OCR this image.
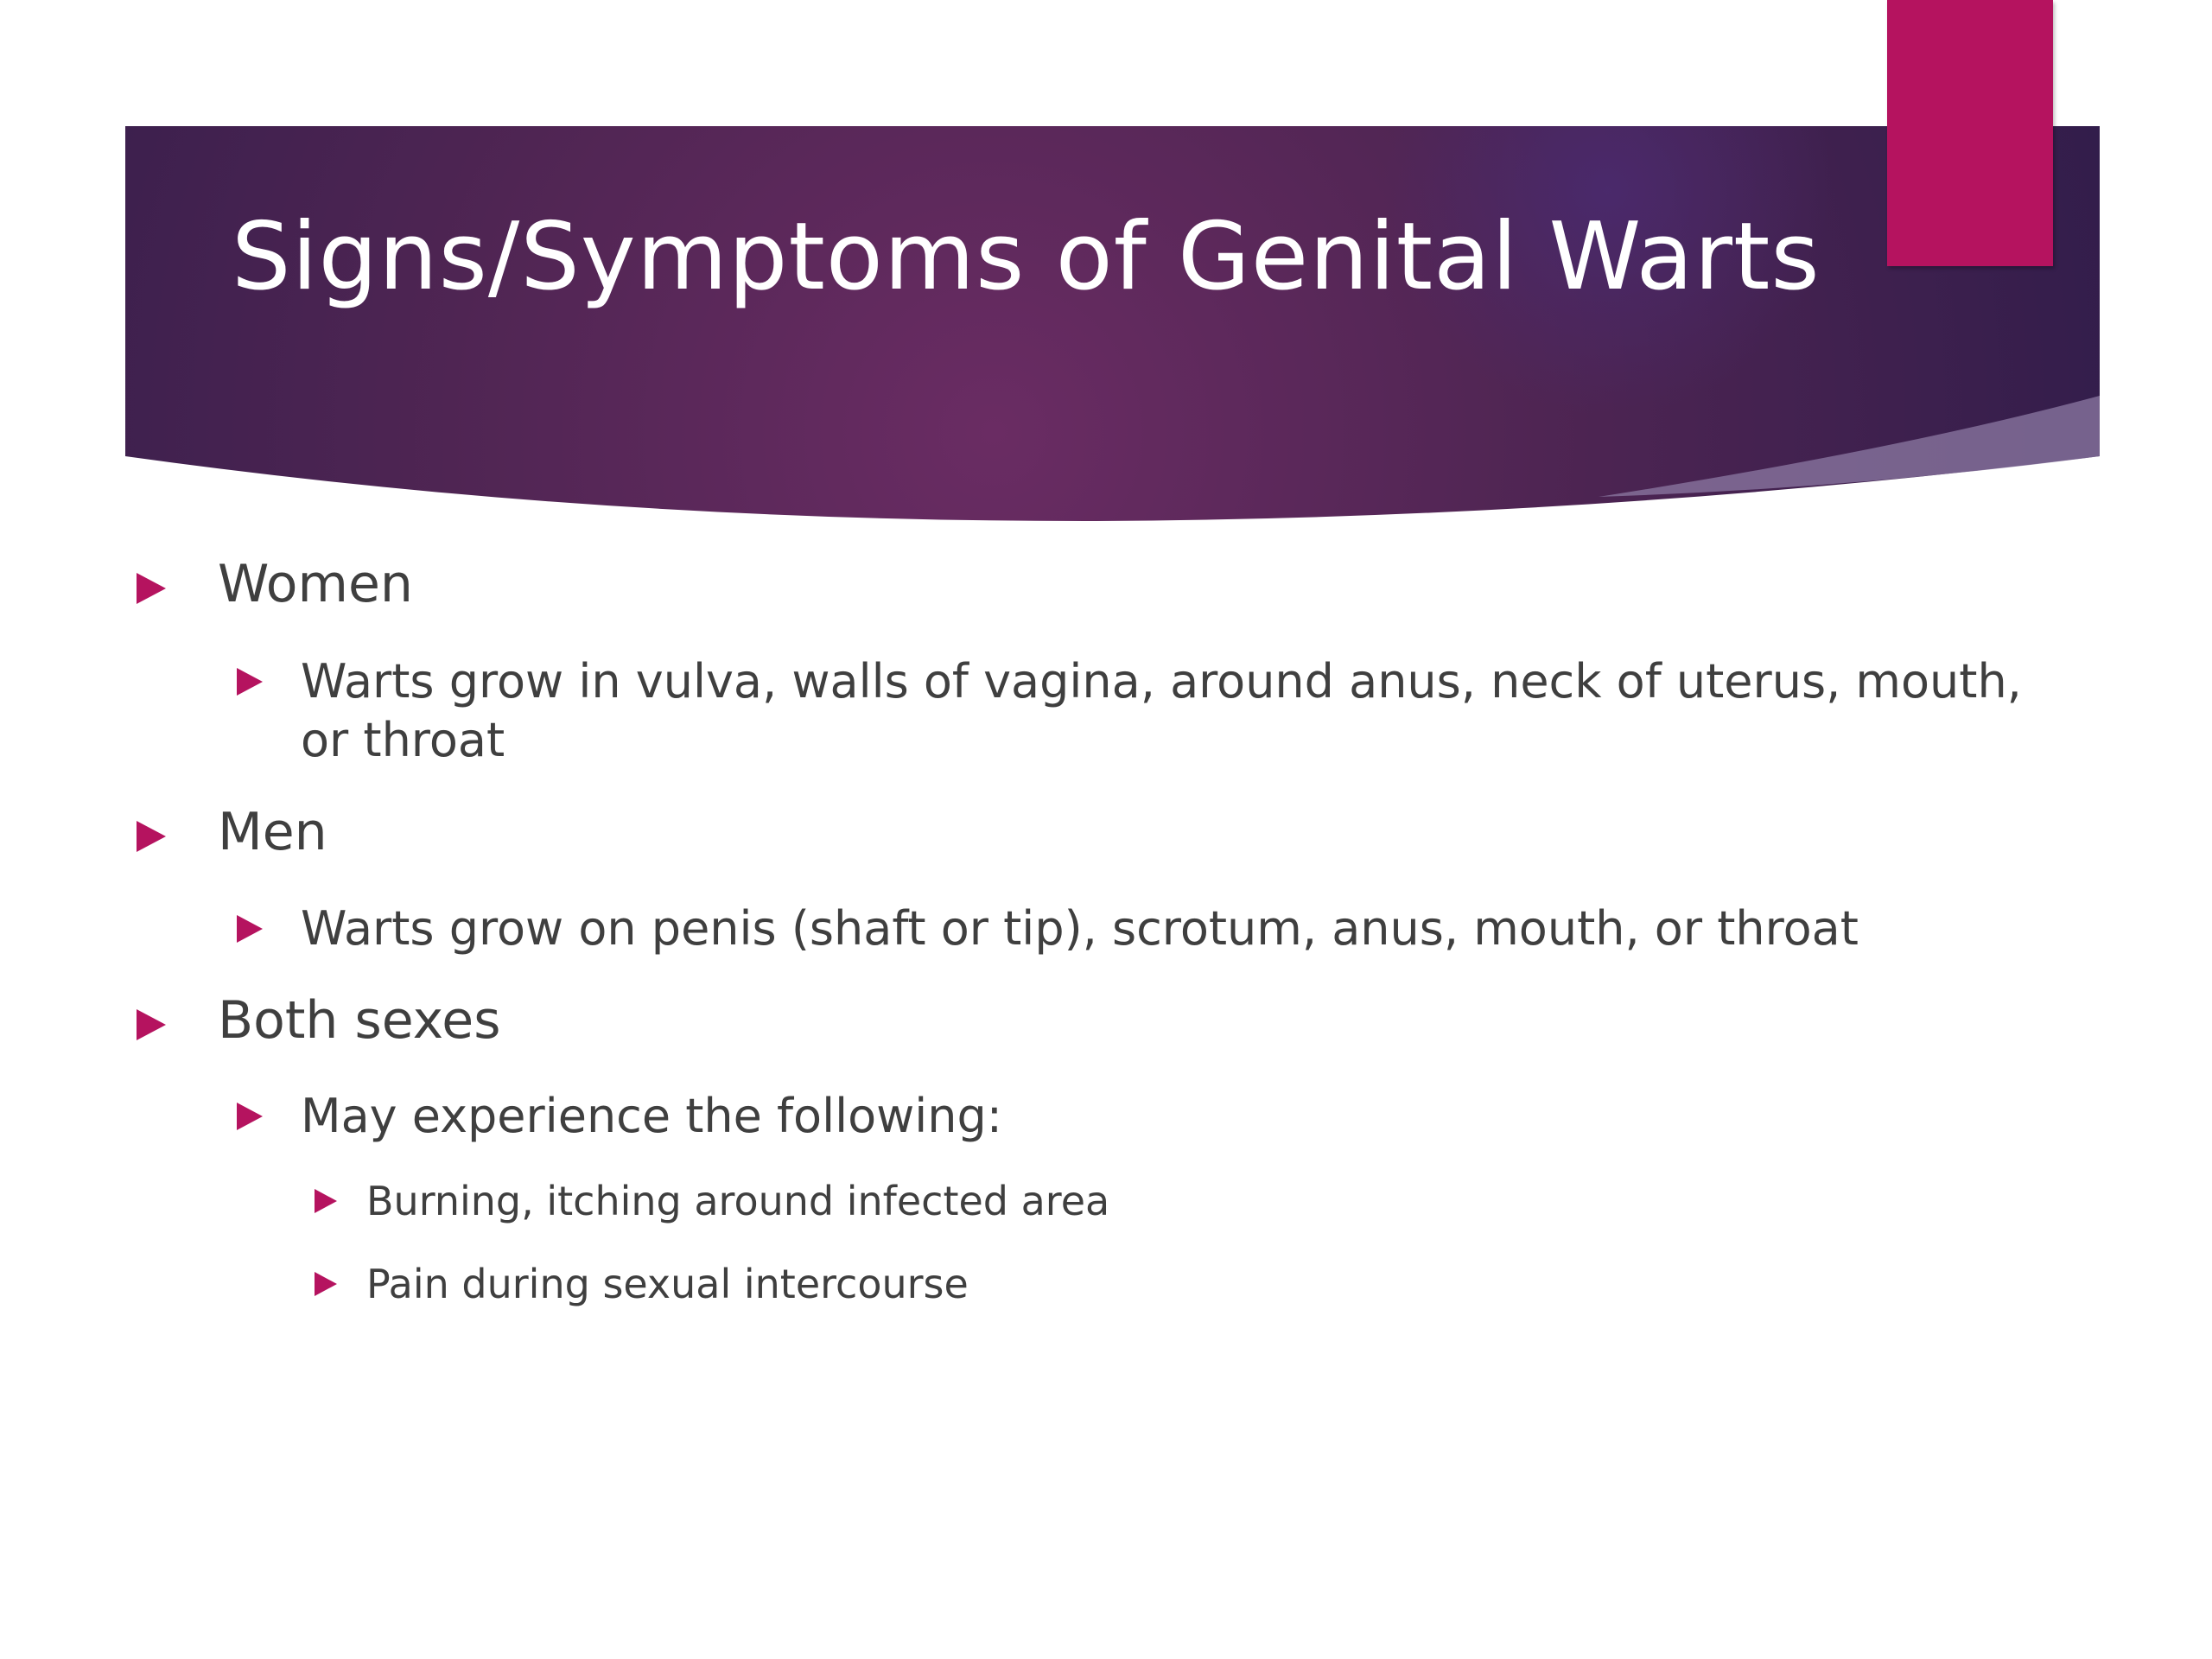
Signs/Symptoms of Genital Warts
Women
Warts grow in vulva, walls of vagina, around anus, neck of uterus, mouth, or throat
Men
Warts grow on penis (shaft or tip), scrotum, anus, mouth, or throat
Both sexes
May experience the following:
Burning, itching around infected area
Pain during sexual intercourse
